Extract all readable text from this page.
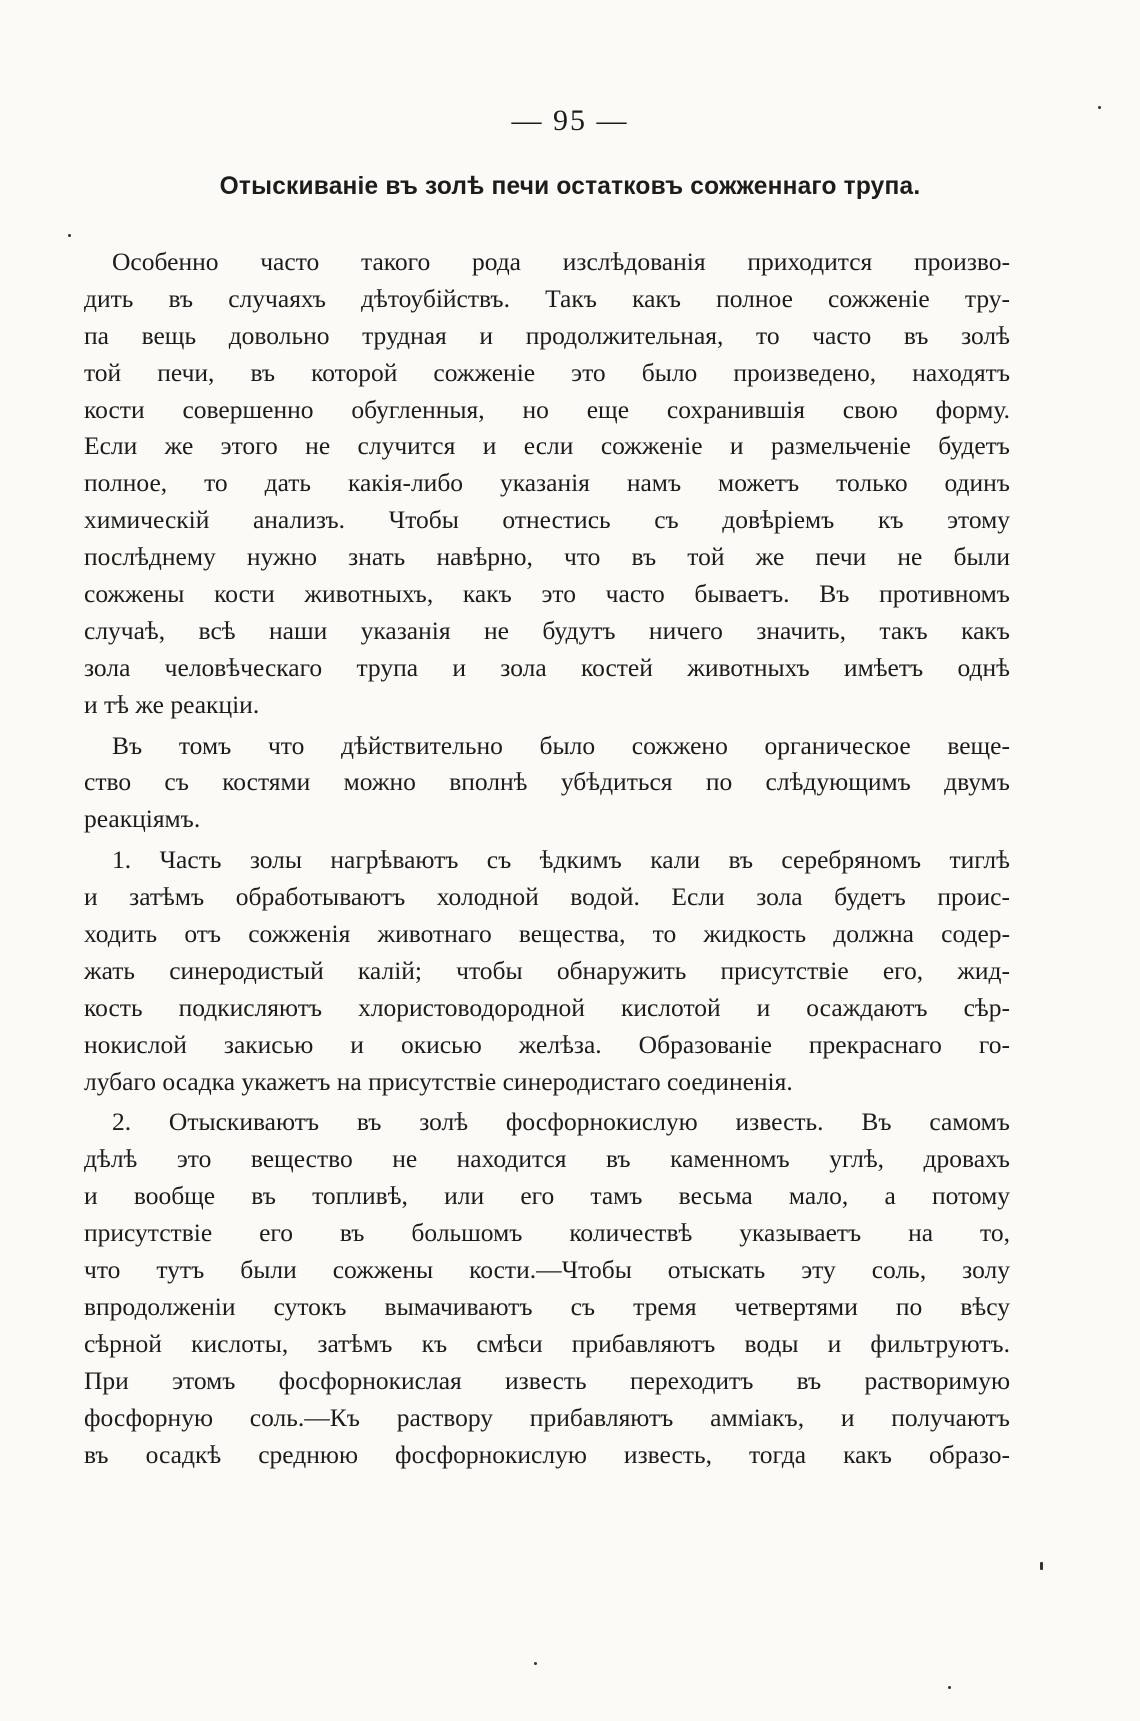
— 95 —
Отыскиваніе въ золѣ печи остатковъ сожженнаго трупа.
Особенно часто такого рода изслѣдованія приходится произво-
дить въ случаяхъ дѣтоубійствъ. Такъ какъ полное сожженіе тру-
па вещь довольно трудная и продолжительная, то часто въ золѣ
той печи, въ которой сожженіе это было произведено, находятъ
кости совершенно обугленныя, но еще сохранившія свою форму.
Если же этого не случится и если сожженіе и размельченіе будетъ
полное, то дать какія-либо указанія намъ можетъ только одинъ
химическій анализъ. Чтобы отнестись съ довѣріемъ къ этому
послѣднему нужно знать навѣрно, что въ той же печи не были
сожжены кости животныхъ, какъ это часто бываетъ. Въ противномъ
случаѣ, всѣ наши указанія не будутъ ничего значить, такъ какъ
зола человѣческаго трупа и зола костей животныхъ имѣетъ однѣ
и тѣ же реакціи.
Въ томъ что дѣйствительно было сожжено органическое веще-
ство съ костями можно вполнѣ убѣдиться по слѣдующимъ двумъ
реакціямъ.
1. Часть золы нагрѣваютъ съ ѣдкимъ кали въ серебряномъ тиглѣ
и затѣмъ обработываютъ холодной водой. Если зола будетъ проис-
ходить отъ сожженія животнаго вещества, то жидкость должна содер-
жать синеродистый калій; чтобы обнаружить присутствіе его, жид-
кость подкисляютъ хлористоводородной кислотой и осаждаютъ сѣр-
нокислой закисью и окисью желѣза. Образованіе прекраснаго го-
лубаго осадка укажетъ на присутствіе синеродистаго соединенія.
2. Отыскиваютъ въ золѣ фосфорнокислую известь. Въ самомъ
дѣлѣ это вещество не находится въ каменномъ углѣ, дровахъ
и вообще въ топливѣ, или его тамъ весьма мало, а потому
присутствіе его въ большомъ количествѣ указываетъ на то,
что тутъ были сожжены кости.—Чтобы отыскать эту соль, золу
впродолженіи сутокъ вымачиваютъ съ тремя четвертями по вѣсу
сѣрной кислоты, затѣмъ къ смѣси прибавляютъ воды и фильтруютъ.
При этомъ фосфорнокислая известь переходитъ въ растворимую
фосфорную соль.—Къ раствору прибавляютъ амміакъ, и получаютъ
въ осадкѣ среднюю фосфорнокислую известь, тогда какъ образо-
